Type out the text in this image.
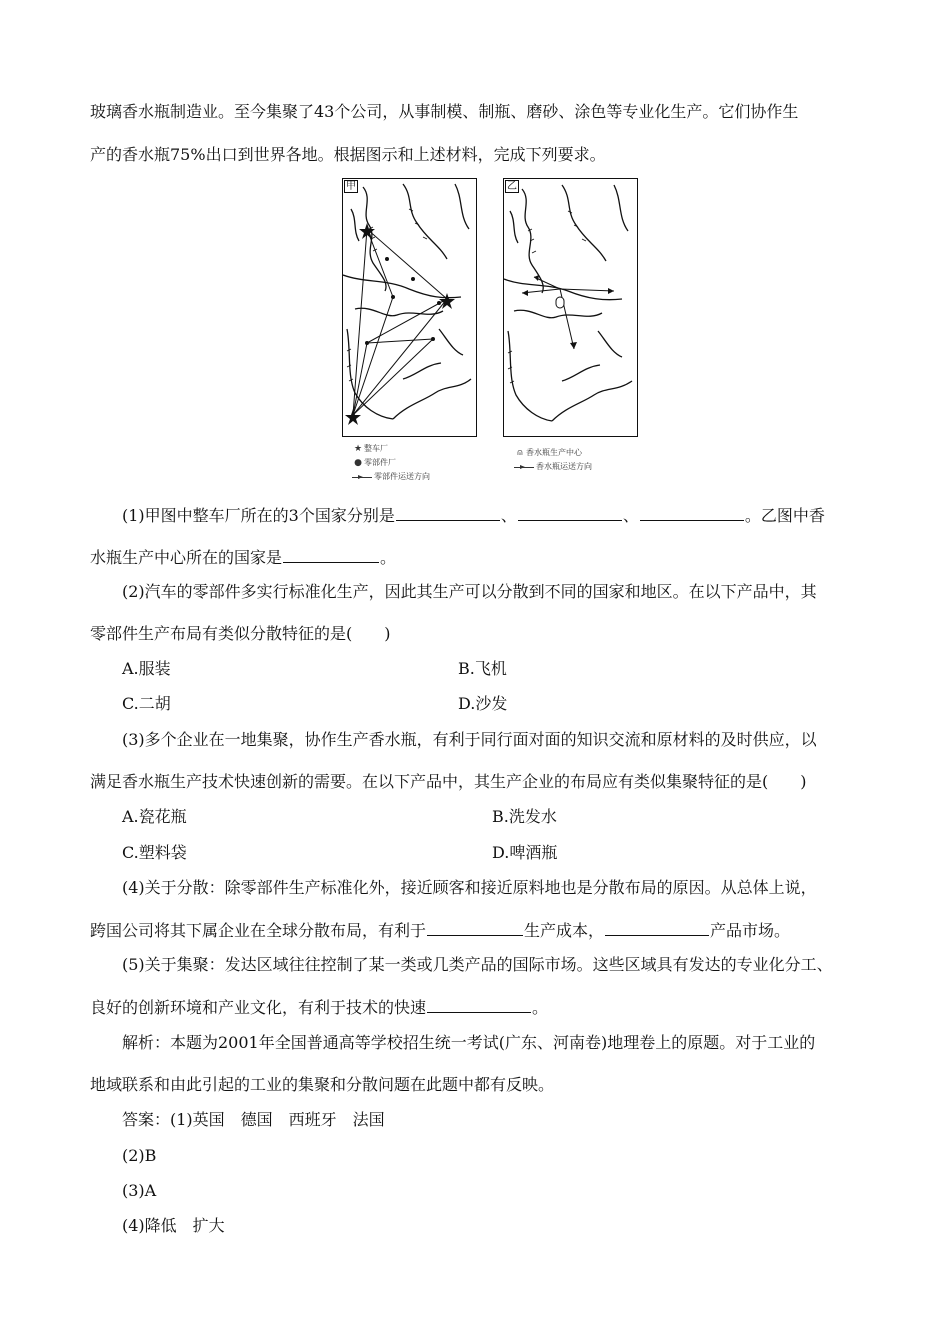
玻璃香水瓶制造业。至今集聚了43个公司，从事制模、制瓶、磨砂、涂色等专业化生产。它们协作生
产的香水瓶75%出口到世界各地。根据图示和上述材料，完成下列要求。
甲	乙
★ 整车厂
● 零部件厂
零部件运送方向
⍝ 香水瓶生产中心
香水瓶运送方向
(1)甲图中整车厂所在的3个国家分别是	、	、	。乙图中香
水瓶生产中心所在的国家是	。
(2)汽车的零部件多实行标准化生产，因此其生产可以分散到不同的国家和地区。在以下产品中，其
零部件生产布局有类似分散特征的是(　　)
A.服装	B.飞机
C.二胡	D.沙发
(3)多个企业在一地集聚，协作生产香水瓶，有利于同行面对面的知识交流和原材料的及时供应，以
满足香水瓶生产技术快速创新的需要。在以下产品中，其生产企业的布局应有类似集聚特征的是(　　)
A.瓷花瓶	B.洗发水
C.塑料袋	D.啤酒瓶
(4)关于分散：除零部件生产标准化外，接近顾客和接近原料地也是分散布局的原因。从总体上说，
跨国公司将其下属企业在全球分散布局，有利于	生产成本，	产品市场。
(5)关于集聚：发达区域往往控制了某一类或几类产品的国际市场。这些区域具有发达的专业化分工、
良好的创新环境和产业文化，有利于技术的快速	。
解析：本题为2001年全国普通高等学校招生统一考试(广东、河南卷)地理卷上的原题。对于工业的
地域联系和由此引起的工业的集聚和分散问题在此题中都有反映。
答案：(1)英国　德国　西班牙　法国
(2)B
(3)A
(4)降低　扩大
